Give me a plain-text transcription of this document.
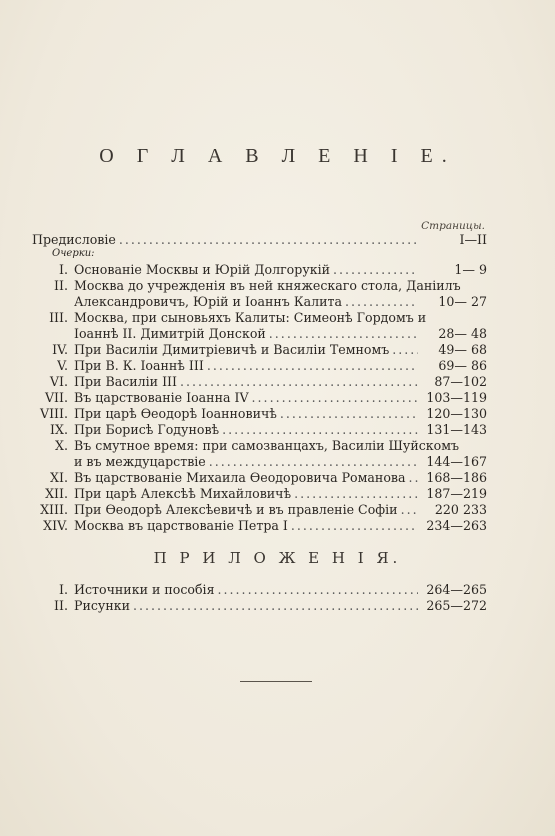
О Г Л А В Л Е Н І Е.
Страницы.
Предисловіе . . .	I—II
Очерки:
I. Основаніе Москвы и Юрій Долгорукій . . .	1— 9
II. Москва до учрежденія въ ней княжескаго стола, Даніилъ
Александровичъ, Юрій и Іоаннъ Калита . . .	10— 27
III. Москва, при сыновьяхъ Калиты: Симеонѣ Гордомъ и
Іоаннѣ II. Димитрій Донской . . .	28— 48
IV. При Василіи Димитріевичѣ и Василіи Темномъ . . .	49— 68
V. При В. К. Іоаннѣ III . . .	69— 86
VI. При Василіи III . . .	87—102
VII. Въ царствованіе Іоанна IV . . .	103—119
VIII. При царѣ Ѳеодорѣ Іоанновичѣ . . .	120—130
IX. При Борисѣ Годуновѣ . . .	131—143
X. Въ смутное время: при самозванцахъ, Василіи Шуйскомъ
и въ междуцарствіе . . .	144—167
XI. Въ царствованіе Михаила Ѳеодоровича Романова . . .	168—186
XII. При царѣ Алексѣѣ Михайловичѣ . . .	187—219
XIII. При Ѳеодорѣ Алексѣевичѣ и въ правленіе Софіи . . .	220 233
XIV. Москва въ царствованіе Петра I . . .	234—263
П Р И Л О Ж Е Н І Я.
I. Источники и пособія . . .	264—265
II. Рисунки . . .	265—272
